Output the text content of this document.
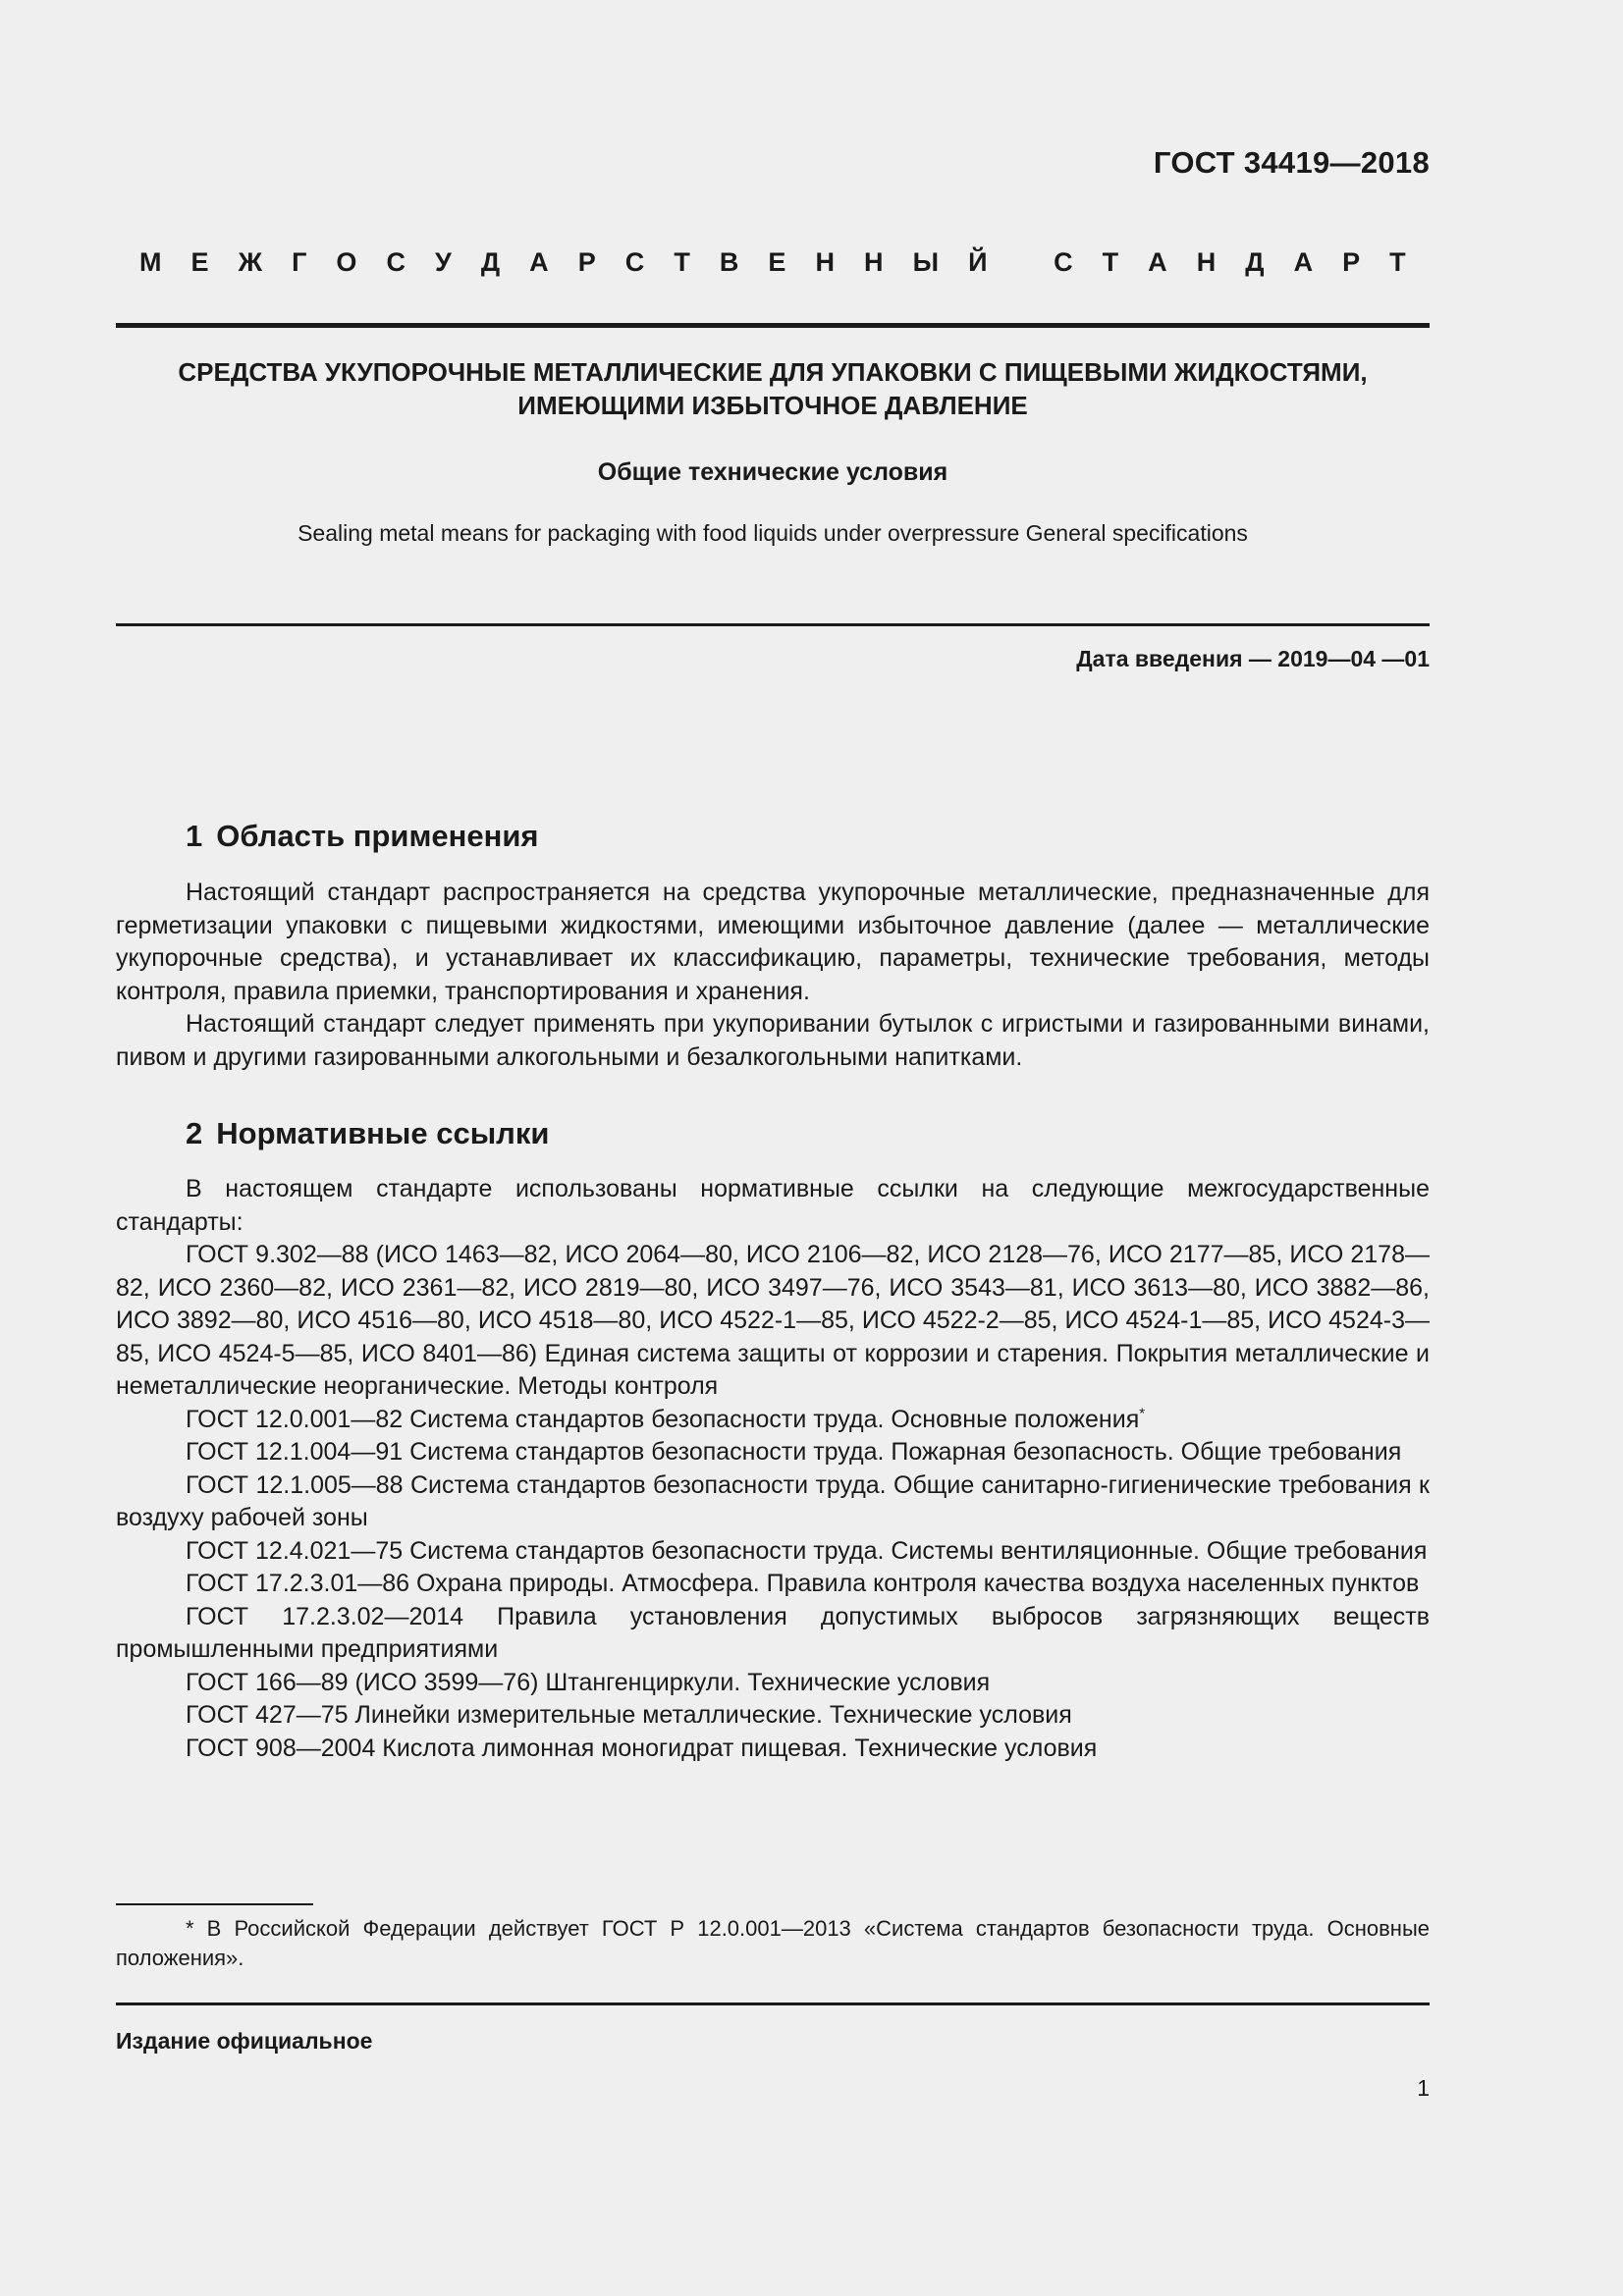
ГОСТ 34419—2018
М Е Ж Г О С У Д А Р С Т В Е Н Н Ы Й
	С Т А Н Д А Р Т
СРЕДСТВА УКУПОРОЧНЫЕ МЕТАЛЛИЧЕСКИЕ ДЛЯ УПАКОВКИ С ПИЩЕВЫМИ ЖИДКОСТЯМИ,
ИМЕЮЩИМИ ИЗБЫТОЧНОЕ ДАВЛЕНИЕ
Общие технические условия
Sealing metal means for packaging with food liquids under overpressure General specifications
Дата введения — 2019—04 —01
1 Область применения

Настоящий стандарт распространяется на средства укупорочные металлические, предназначенные для герметизации упаковки с пищевыми жидкостями, имеющими избыточное давление (далее — металлические укупорочные средства), и устанавливает их классификацию, параметры, технические требования, методы контроля, правила приемки, транспортирования и хранения.

Настоящий стандарт следует применять при укупоривании бутылок с игристыми и газированными винами, пивом и другими газированными алкогольными и безалкогольными напитками.

2 Нормативные ссылки

В настоящем стандарте использованы нормативные ссылки на следующие межгосударственные стандарты:

ГОСТ 9.302—88 (ИСО 1463—82, ИСО 2064—80, ИСО 2106—82, ИСО 2128—76, ИСО 2177—85, ИСО 2178—82, ИСО 2360—82, ИСО 2361—82, ИСО 2819—80, ИСО 3497—76, ИСО 3543—81, ИСО 3613—80, ИСО 3882—86, ИСО 3892—80, ИСО 4516—80, ИСО 4518—80, ИСО 4522-1—85, ИСО 4522-2—85, ИСО 4524-1—85, ИСО 4524-3—85, ИСО 4524-5—85, ИСО 8401—86) Единая система защиты от коррозии и старения. Покрытия металлические и неметаллические неорганические. Методы контроля

ГОСТ 12.0.001—82 Система стандартов безопасности труда. Основные положения*

ГОСТ 12.1.004—91 Система стандартов безопасности труда. Пожарная безопасность. Общие требования

ГОСТ 12.1.005—88 Система стандартов безопасности труда. Общие санитарно-гигиенические требования к воздуху рабочей зоны

ГОСТ 12.4.021—75 Система стандартов безопасности труда. Системы вентиляционные. Общие требования

ГОСТ 17.2.3.01—86 Охрана природы. Атмосфера. Правила контроля качества воздуха населенных пунктов

ГОСТ 17.2.3.02—2014 Правила установления допустимых выбросов загрязняющих веществ промышленными предприятиями

ГОСТ 166—89 (ИСО 3599—76) Штангенциркули. Технические условия

ГОСТ 427—75 Линейки измерительные металлические. Технические условия

ГОСТ 908—2004 Кислота лимонная моногидрат пищевая. Технические условия

* В Российской Федерации действует ГОСТ Р 12.0.001—2013 «Система стандартов безопасности труда. Основные положения».

Издание официальное
1
